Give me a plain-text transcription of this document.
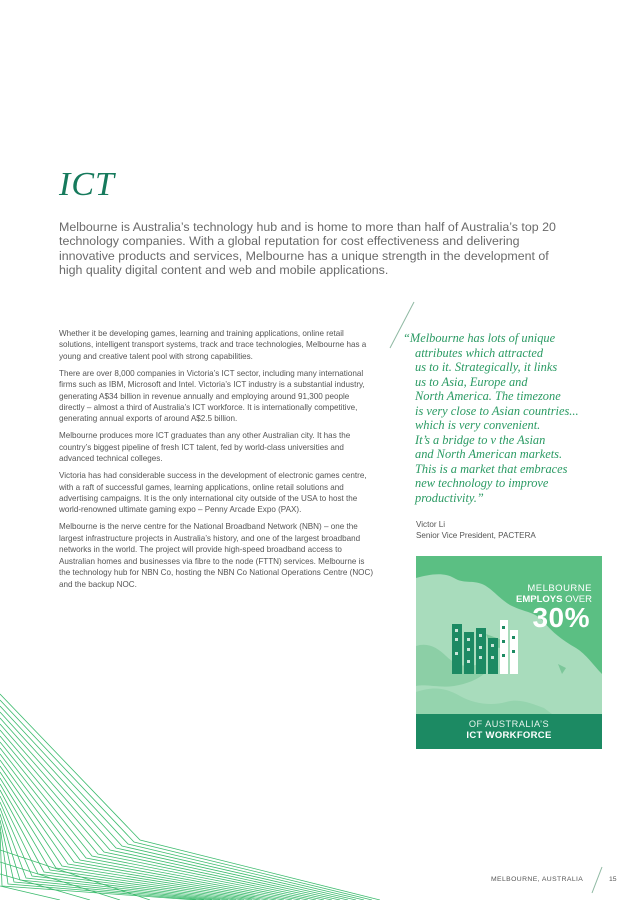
ICT

Melbourne is Australia’s technology hub and is home to more than half of Australia’s top 20 technology companies. With a global reputation for cost effectiveness and delivering innovative products and services, Melbourne has a unique strength in the development of high quality digital content and web and mobile applications.

Whether it be developing games, learning and training applications, online retail solutions, intelligent transport systems, track and trace technologies, Melbourne has a young and creative talent pool with strong capabilities.

There are over 8,000 companies in Victoria’s ICT sector, including many international firms such as IBM, Microsoft and Intel. Victoria’s ICT industry is a substantial industry, generating A$34 billion in revenue annually and employing around 91,300 people directly – almost a third of Australia’s ICT workforce. It is internationally competitive, generating annual exports of around A$2.5 billion.

Melbourne produces more ICT graduates than any other Australian city. It has the country’s biggest pipeline of fresh ICT talent, fed by world-class universities and advanced technical colleges.

Victoria has had considerable success in the development of electronic games centre, with a raft of successful games, learning applications, online retail solutions and advertising campaigns. It is the only international city outside of the USA to host the world-renowned ultimate gaming expo – Penny Arcade Expo (PAX).

Melbourne is the nerve centre for the National Broadband Network (NBN) – one the largest infrastructure projects in Australia’s history, and one of the largest broadband networks in the world. The project will provide high-speed broadband access to Australian homes and businesses via fibre to the node (FTTN) services. Melbourne is the technology hub for NBN Co, hosting the NBN Co National Operations Centre (NOC) and the backup NOC.

“Melbourne has lots of unique
attributes which attracted
us to it. Strategically, it links
us to Asia, Europe and
North America. The timezone
is very close to Asian countries...
which is very convenient.
It’s a bridge to v the Asian
and North American markets.
This is a market that embraces
new technology to improve
productivity.”
Victor Li
Senior Vice President, PACTERA
MELBOURNE
EMPLOYS OVER
30%
OF AUSTRALIA’S
ICT WORKFORCE
MELBOURNE, AUSTRALIA	15
